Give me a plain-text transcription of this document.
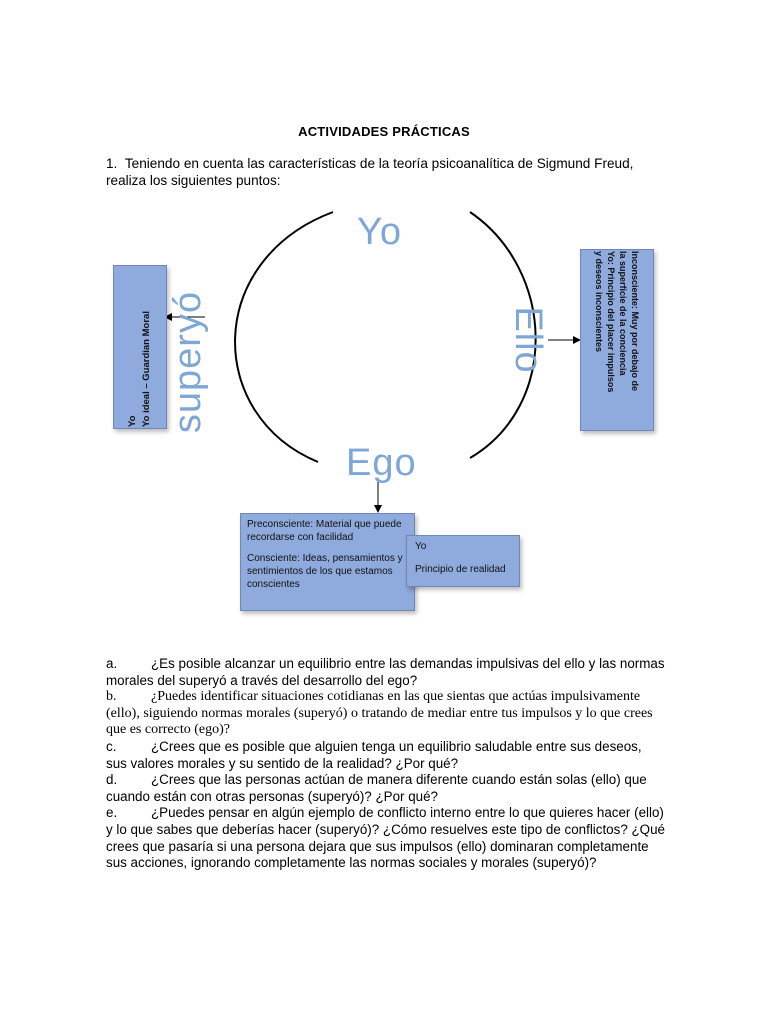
ACTIVIDADES PRÁCTICAS
1. Teniendo en cuenta las características de la teoría psicoanalítica de Sigmund Freud, realiza los siguientes puntos:
Yo
Ego
superyó	Ello
Yo Yo ideal – Guardian Moral	Inconsciente: Muy por debajo de
la superficie de la conciencia
Yo: Principio del placer impulsos
y deseos inconscientes

Preconsciente: Material que puede recordarse con facilidad

Consciente: Ideas, pensamientos y sentimientos de los que estamos conscientes

Yo

Principio de realidad

a.	¿Es posible alcanzar un equilibrio entre las demandas impulsivas del ello y las normas morales del superyó a través del desarrollo del ego?

b. ¿Puedes identificar situaciones cotidianas en las que sientas que actúas impulsivamente (ello), siguiendo normas morales (superyó) o tratando de mediar entre tus impulsos y lo que crees que es correcto (ego)?

c.	¿Crees que es posible que alguien tenga un equilibrio saludable entre sus deseos, sus valores morales y su sentido de la realidad? ¿Por qué?

d.	¿Crees que las personas actúan de manera diferente cuando están solas (ello) que cuando están con otras personas (superyó)? ¿Por qué?

e.	¿Puedes pensar en algún ejemplo de conflicto interno entre lo que quieres hacer (ello) y lo que sabes que deberías hacer (superyó)? ¿Cómo resuelves este tipo de conflictos? ¿Qué crees que pasaría si una persona dejara que sus impulsos (ello) dominaran completamente sus acciones, ignorando completamente las normas sociales y morales (superyó)?
